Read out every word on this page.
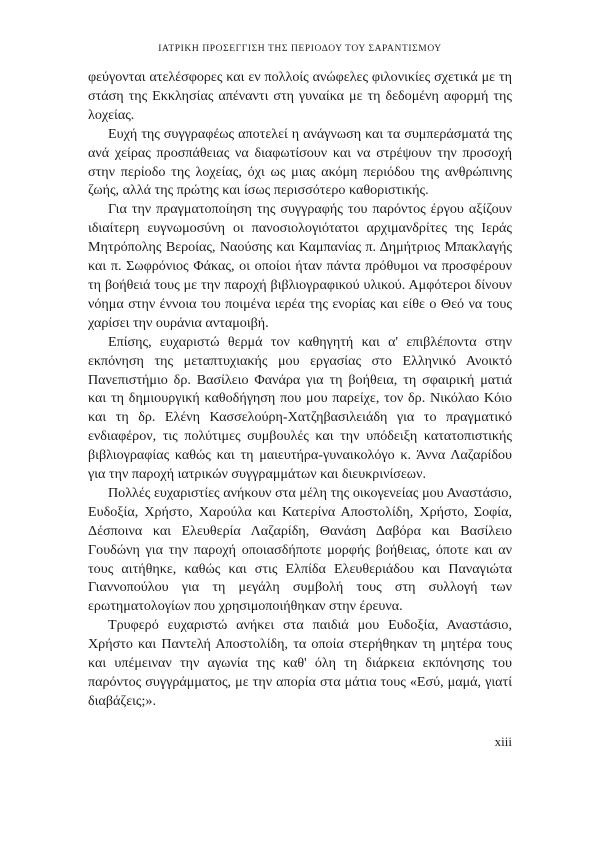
ΙΑΤΡΙΚΗ ΠΡΟΣΕΓΓΙΣΗ ΤΗΣ ΠΕΡΙΟΔΟΥ ΤΟΥ ΣΑΡΑΝΤΙΣΜΟΥ

φεύγονται ατελέσφορες και εν πολλοίς ανώφελες φιλονικίες σχετικά με τη στάση της Εκκλησίας απέναντι στη γυναίκα με τη δεδομένη αφορμή της λοχείας.

Ευχή της συγγραφέως αποτελεί η ανάγνωση και τα συμπεράσματά της ανά χείρας προσπάθειας να διαφωτίσουν και να στρέψουν την προσοχή στην περίοδο της λοχείας, όχι ως μιας ακόμη περιόδου της ανθρώπινης ζωής, αλλά της πρώτης και ίσως περισσότερο καθοριστικής.

Για την πραγματοποίηση της συγγραφής του παρόντος έργου αξίζουν ιδιαίτερη ευγνωμοσύνη οι πανοσιολογιότατοι αρχιμανδρίτες της Ιεράς Μητρόπολης Βεροίας, Ναούσης και Καμπανίας π. Δημήτριος Μπακλαγής και π. Σωφρόνιος Φάκας, οι οποίοι ήταν πάντα πρόθυμοι να προσφέρουν τη βοήθειά τους με την παροχή βιβλιογραφικού υλικού. Αμφότεροι δίνουν νόημα στην έννοια του ποιμένα ιερέα της ενορίας και είθε ο Θεό να τους χαρίσει την ουράνια ανταμοιβή.

Επίσης, ευχαριστώ θερμά τον καθηγητή και α' επιβλέποντα στην εκπόνηση της μεταπτυχιακής μου εργασίας στο Ελληνικό Ανοικτό Πανεπιστήμιο δρ. Βασίλειο Φανάρα για τη βοήθεια, τη σφαιρική ματιά και τη δημιουργική καθοδήγηση που μου παρείχε, τον δρ. Νικόλαο Κόιο και τη δρ. Ελένη Κασσελούρη-Χατζηβασιλειάδη για το πραγματικό ενδιαφέρον, τις πολύτιμες συμβουλές και την υπόδειξη κατατοπιστικής βιβλιογραφίας καθώς και τη μαιευτήρα-γυναικολόγο κ. Άννα Λαζαρίδου για την παροχή ιατρικών συγγραμμάτων και διευκρινίσεων.

Πολλές ευχαριστίες ανήκουν στα μέλη της οικογενείας μου Αναστάσιο, Ευδοξία, Χρήστο, Χαρούλα και Κατερίνα Αποστολίδη, Χρήστο, Σοφία, Δέσποινα και Ελευθερία Λαζαρίδη, Θανάση Δαβόρα και Βασίλειο Γουδώνη για την παροχή οποιασδήποτε μορφής βοήθειας, όποτε και αν τους αιτήθηκε, καθώς και στις Ελπίδα Ελευθεριάδου και Παναγιώτα Γιαννοπούλου για τη μεγάλη συμβολή τους στη συλλογή των ερωτηματολογίων που χρησιμοποιήθηκαν στην έρευνα.

Τρυφερό ευχαριστώ ανήκει στα παιδιά μου Ευδοξία, Αναστάσιο, Χρήστο και Παντελή Αποστολίδη, τα οποία στερήθηκαν τη μητέρα τους και υπέμειναν την αγωνία της καθ' όλη τη διάρκεια εκπόνησης του παρόντος συγγράμματος, με την απορία στα μάτια τους «Εσύ, μαμά, γιατί διαβάζεις;».

xiii
